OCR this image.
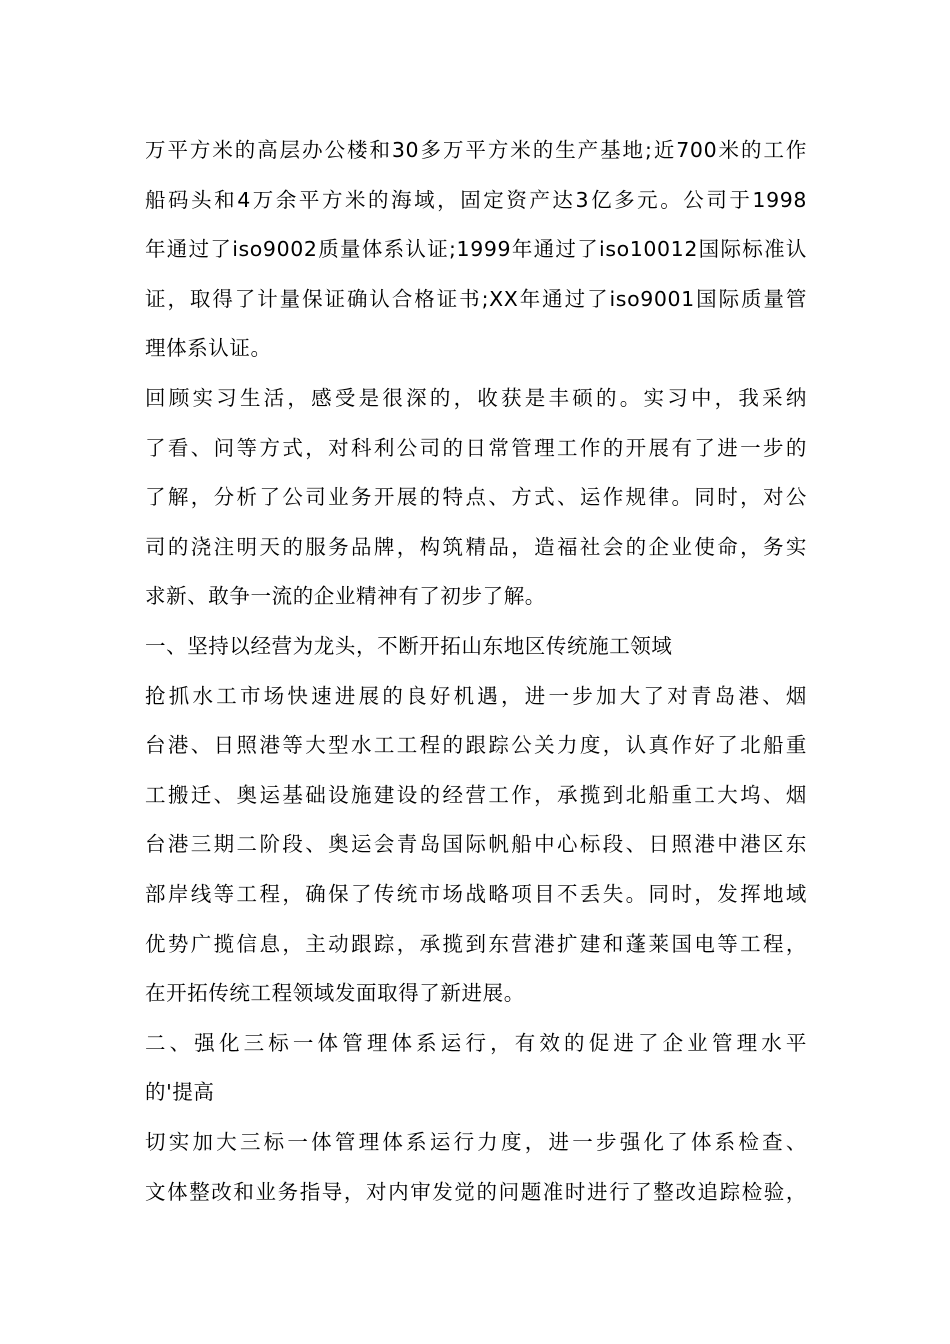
万平方米的高层办公楼和30多万平方米的生产基地;近700米的工作
船码头和4万余平方米的海域，固定资产达3亿多元。公司于1998
年通过了iso9002质量体系认证;1999年通过了iso10012国际标准认
证，取得了计量保证确认合格证书;XX年通过了iso9001国际质量管
理体系认证。
回顾实习生活，感受是很深的，收获是丰硕的。实习中，我采纳
了看、问等方式，对科利公司的日常管理工作的开展有了进一步的
了解，分析了公司业务开展的特点、方式、运作规律。同时，对公
司的浇注明天的服务品牌，构筑精品，造福社会的企业使命，务实
求新、敢争一流的企业精神有了初步了解。
一、坚持以经营为龙头，不断开拓山东地区传统施工领域
抢抓水工市场快速进展的良好机遇，进一步加大了对青岛港、烟
台港、日照港等大型水工工程的跟踪公关力度，认真作好了北船重
工搬迁、奥运基础设施建设的经营工作，承揽到北船重工大坞、烟
台港三期二阶段、奥运会青岛国际帆船中心标段、日照港中港区东
部岸线等工程，确保了传统市场战略项目不丢失。同时，发挥地域
优势广揽信息，主动跟踪，承揽到东营港扩建和蓬莱国电等工程，
在开拓传统工程领域发面取得了新进展。
二、强化三标一体管理体系运行，有效的促进了企业管理水平
的'提高
切实加大三标一体管理体系运行力度，进一步强化了体系检查、
文体整改和业务指导，对内审发觉的问题准时进行了整改追踪检验，
